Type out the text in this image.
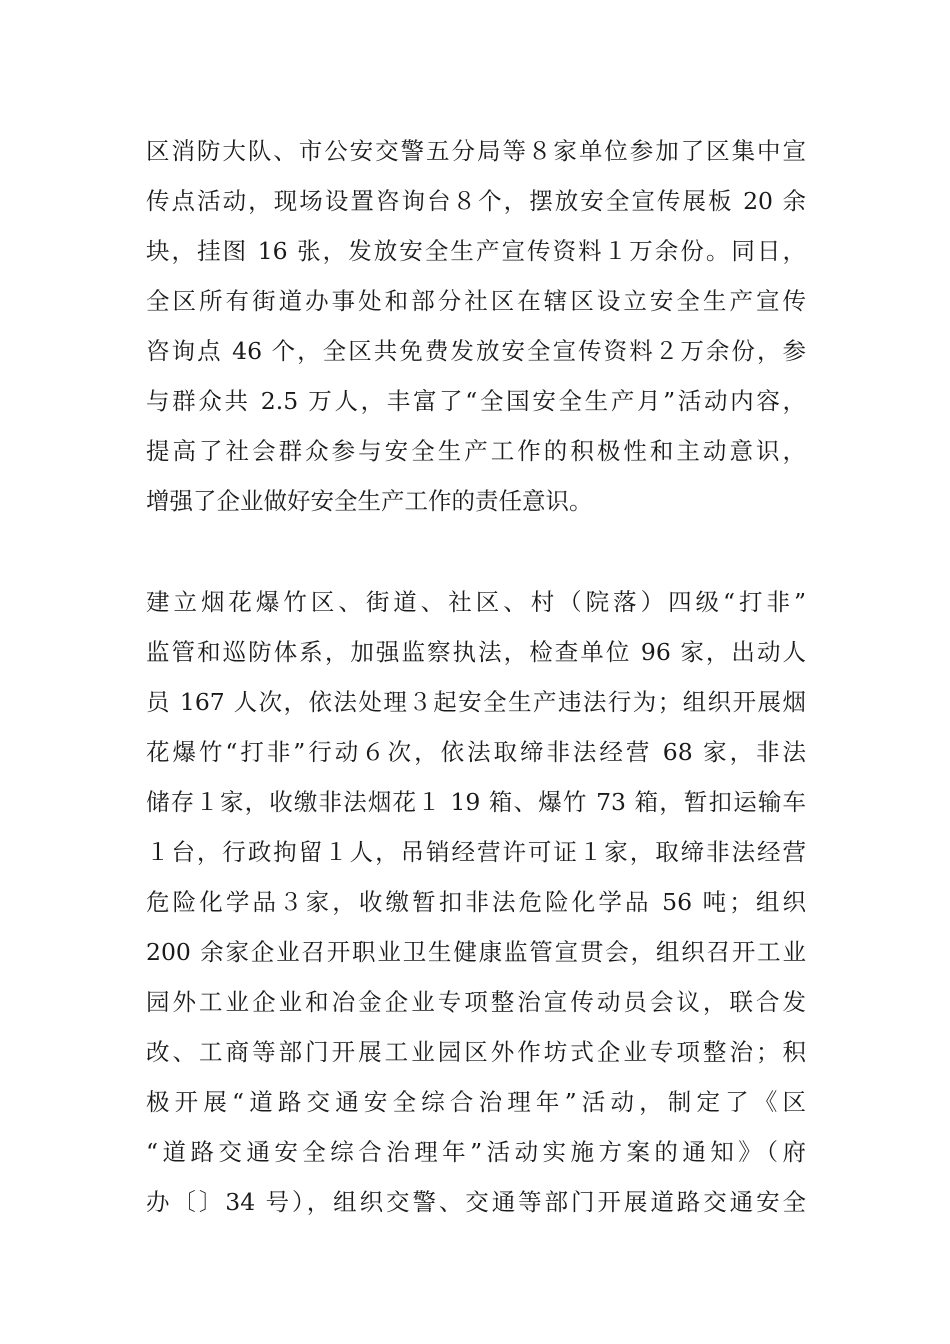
区消防大队、市公安交警五分局等８家单位参加了区集中宣
传点活动，现场设置咨询台８个，摆放安全宣传展板 20 余
块，挂图 16 张，发放安全生产宣传资料１万余份。同日，
全区所有街道办事处和部分社区在辖区设立安全生产宣传
咨询点 46 个，全区共免费发放安全宣传资料２万余份，参
与群众共 2.5 万人，丰富了“全国安全生产月”活动内容，
提高了社会群众参与安全生产工作的积极性和主动意识，
增强了企业做好安全生产工作的责任意识。
建立烟花爆竹区、街道、社区、村（院落）四级“打非”
监管和巡防体系，加强监察执法，检查单位 96 家，出动人
员 167 人次，依法处理３起安全生产违法行为；组织开展烟
花爆竹“打非”行动６次，依法取缔非法经营 68 家，非法
储存１家，收缴非法烟花１ 19 箱、爆竹 73 箱，暂扣运输车
１台，行政拘留１人，吊销经营许可证１家，取缔非法经营
危险化学品３家，收缴暂扣非法危险化学品 56 吨；组织
200 余家企业召开职业卫生健康监管宣贯会，组织召开工业
园外工业企业和冶金企业专项整治宣传动员会议，联合发
改、工商等部门开展工业园区外作坊式企业专项整治；积
极开展“道路交通安全综合治理年”活动，制定了《区
“道路交通安全综合治理年”活动实施方案的通知》（府
办〔〕34 号），组织交警、交通等部门开展道路交通安全
